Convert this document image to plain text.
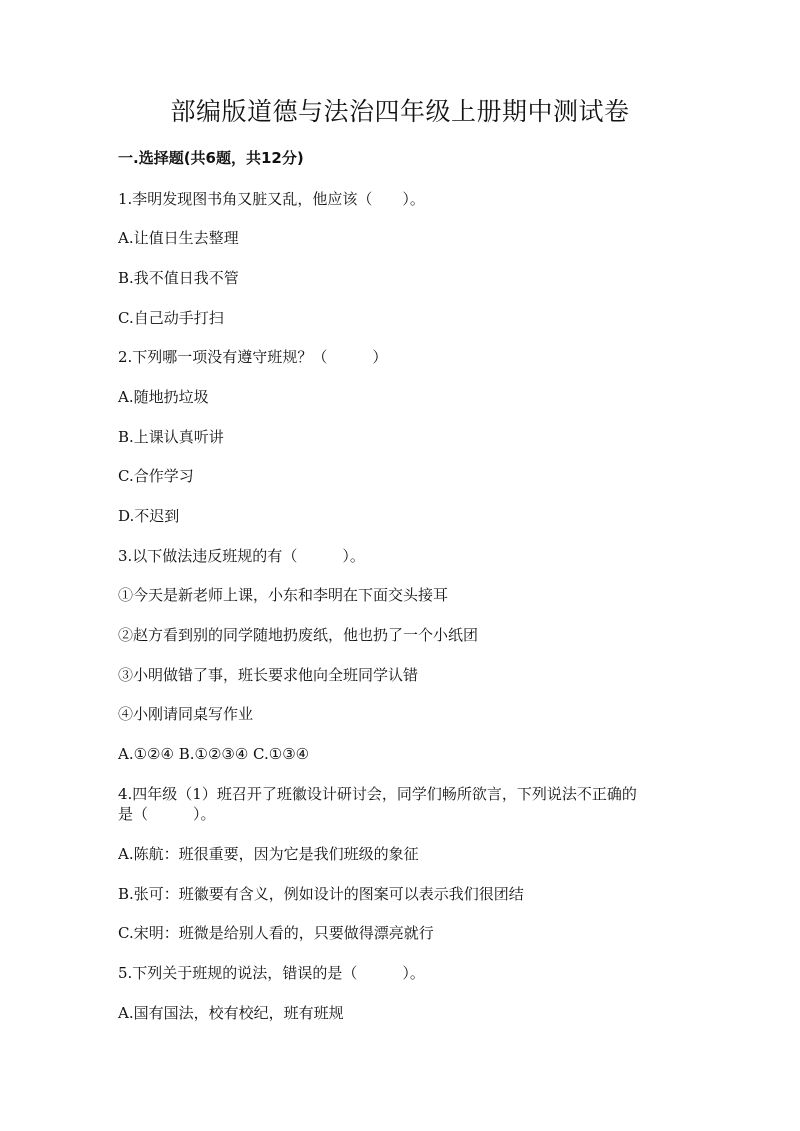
部编版道德与法治四年级上册期中测试卷
一.选择题(共6题，共12分)
1.李明发现图书角又脏又乱，他应该（　　）。
A.让值日生去整理
B.我不值日我不管
C.自己动手打扫
2.下列哪一项没有遵守班规？（　　　）
A.随地扔垃圾
B.上课认真听讲
C.合作学习
D.不迟到
3.以下做法违反班规的有（　　　）。
①今天是新老师上课，小东和李明在下面交头接耳
②赵方看到别的同学随地扔废纸，他也扔了一个小纸团
③小明做错了事，班长要求他向全班同学认错
④小刚请同桌写作业
A.①②④ B.①②③④ C.①③④
4.四年级（1）班召开了班徽设计研讨会，同学们畅所欲言，下列说法不正确的
是（　　　）。
A.陈航：班很重要，因为它是我们班级的象征
B.张可：班徽要有含义，例如设计的图案可以表示我们很团结
C.宋明：班微是给别人看的，只要做得漂亮就行
5.下列关于班规的说法，错误的是（　　　）。
A.国有国法，校有校纪，班有班规
